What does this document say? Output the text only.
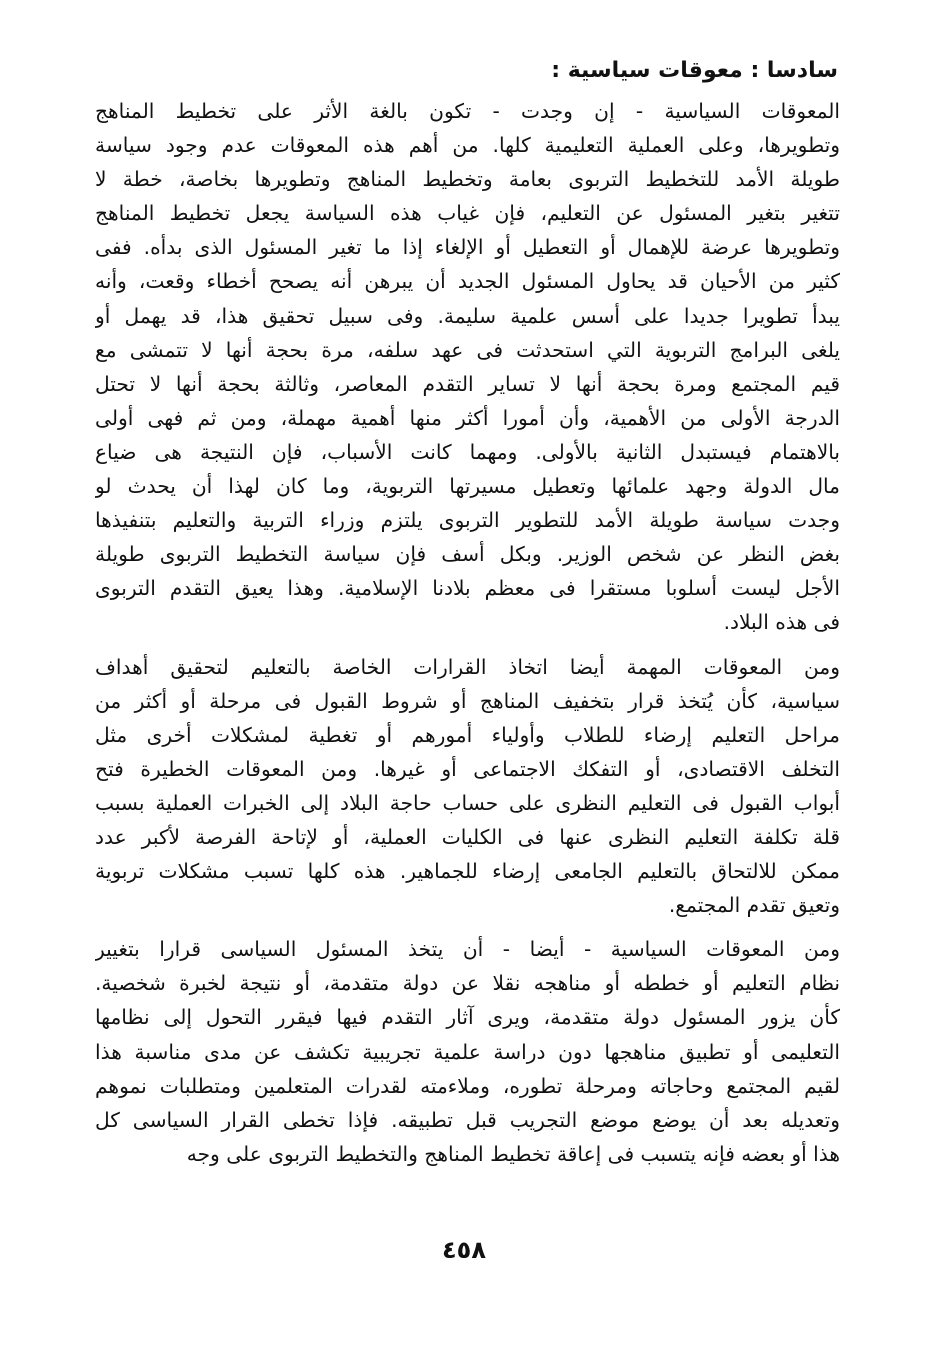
سادسا : معوقات سياسية :
المعوقات السياسية - إن وجدت - تكون بالغة الأثر على تخطيط المناهج
وتطويرها، وعلى العملية التعليمية كلها. من أهم هذه المعوقات عدم وجود سياسة
طويلة الأمد للتخطيط التربوى بعامة وتخطيط المناهج وتطويرها بخاصة، خطة لا
تتغير بتغير المسئول عن التعليم، فإن غياب هذه السياسة يجعل تخطيط المناهج
وتطويرها عرضة للإهمال أو التعطيل أو الإلغاء إذا ما تغير المسئول الذى بدأه. ففى
كثير من الأحيان قد يحاول المسئول الجديد أن يبرهن أنه يصحح أخطاء وقعت، وأنه
يبدأ تطويرا جديدا على أسس علمية سليمة. وفى سبيل تحقيق هذا، قد يهمل أو
يلغى البرامج التربوية التي استحدثت فى عهد سلفه، مرة بحجة أنها لا تتمشى مع
قيم المجتمع ومرة بحجة أنها لا تساير التقدم المعاصر، وثالثة بحجة أنها لا تحتل
الدرجة الأولى من الأهمية، وأن أمورا أكثر منها أهمية مهملة، ومن ثم فهى أولى
بالاهتمام فيستبدل الثانية بالأولى. ومهما كانت الأسباب، فإن النتيجة هى ضياع
مال الدولة وجهد علمائها وتعطيل مسيرتها التربوية، وما كان لهذا أن يحدث لو
وجدت سياسة طويلة الأمد للتطوير التربوى يلتزم وزراء التربية والتعليم بتنفيذها
بغض النظر عن شخص الوزير. وبكل أسف فإن سياسة التخطيط التربوى طويلة
الأجل ليست أسلوبا مستقرا فى معظم بلادنا الإسلامية. وهذا يعيق التقدم التربوى
فى هذه البلاد.
ومن المعوقات المهمة أيضا اتخاذ القرارات الخاصة بالتعليم لتحقيق أهداف
سياسية، كأن يُتخذ قرار بتخفيف المناهج أو شروط القبول فى مرحلة أو أكثر من
مراحل التعليم إرضاء للطلاب وأولياء أمورهم أو تغطية لمشكلات أخرى مثل
التخلف الاقتصادى، أو التفكك الاجتماعى أو غيرها. ومن المعوقات الخطيرة فتح
أبواب القبول فى التعليم النظرى على حساب حاجة البلاد إلى الخبرات العملية بسبب
قلة تكلفة التعليم النظرى عنها فى الكليات العملية، أو لإتاحة الفرصة لأكبر عدد
ممكن للالتحاق بالتعليم الجامعى إرضاء للجماهير. هذه كلها تسبب مشكلات تربوية
وتعيق تقدم المجتمع.
ومن المعوقات السياسية - أيضا - أن يتخذ المسئول السياسى قرارا بتغيير
نظام التعليم أو خططه أو مناهجه نقلا عن دولة متقدمة، أو نتيجة لخبرة شخصية.
كأن يزور المسئول دولة متقدمة، ويرى آثار التقدم فيها فيقرر التحول إلى نظامها
التعليمى أو تطبيق مناهجها دون دراسة علمية تجريبية تكشف عن مدى مناسبة هذا
لقيم المجتمع وحاجاته ومرحلة تطوره، وملاءمته لقدرات المتعلمين ومتطلبات نموهم
وتعديله بعد أن يوضع موضع التجريب قبل تطبيقه. فإذا تخطى القرار السياسى كل
هذا أو بعضه فإنه يتسبب فى إعاقة تخطيط المناهج والتخطيط التربوى على وجه
٤٥٨
